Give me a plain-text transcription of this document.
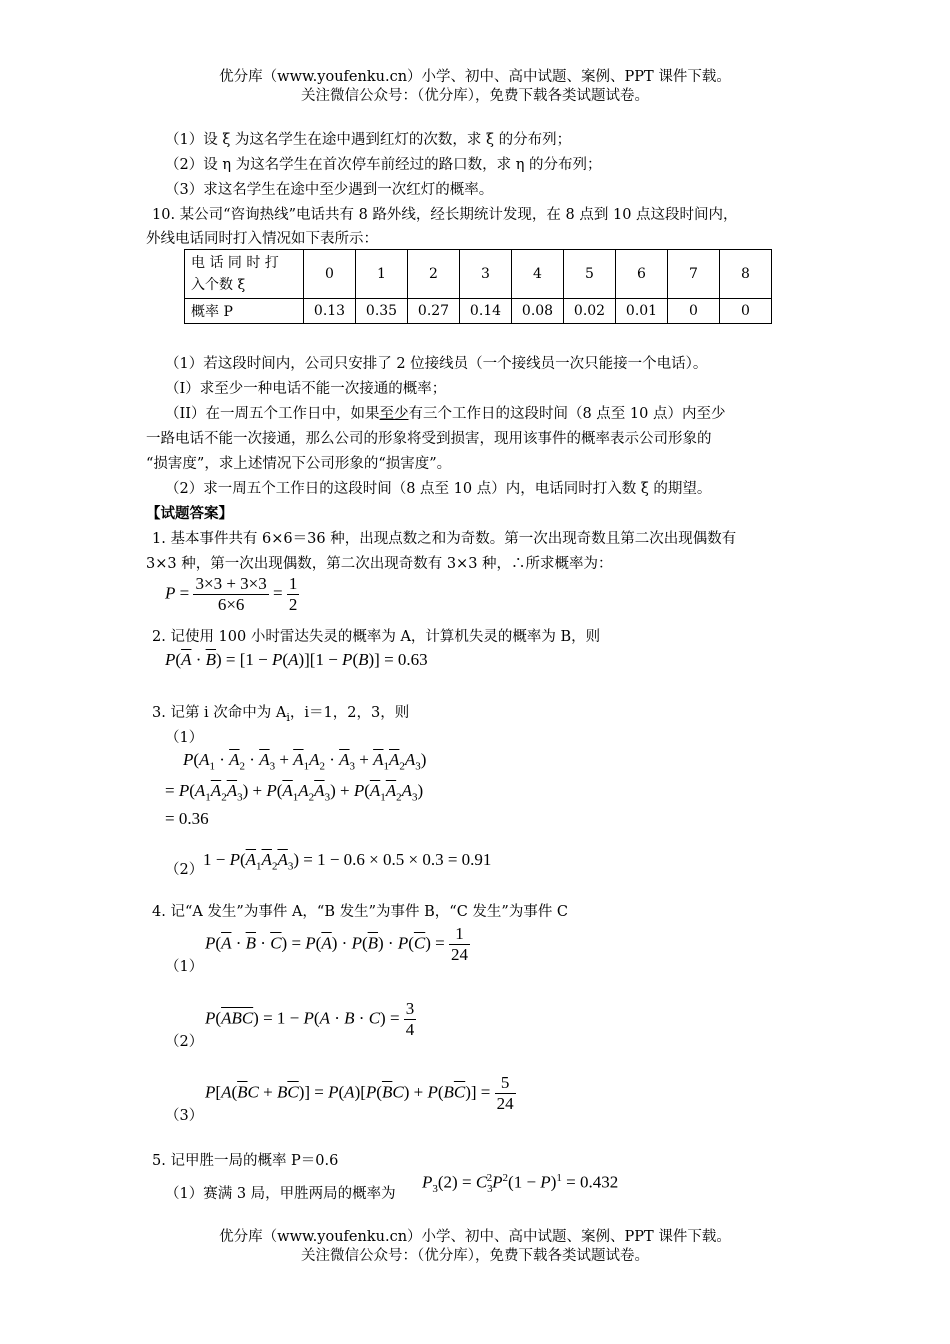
优分库（www.youfenku.cn）小学、初中、高中试题、案例、PPT 课件下载。
关注微信公众号：（优分库），免费下载各类试题试卷。
（1）设 ξ 为这名学生在途中遇到红灯的次数，求 ξ 的分布列；
（2）设 η 为这名学生在首次停车前经过的路口数，求 η 的分布列；
（3）求这名学生在途中至少遇到一次红灯的概率。
10. 某公司“咨询热线”电话共有 8 路外线，经长期统计发现，在 8 点到 10 点这段时间内，
外线电话同时打入情况如下表所示：
电 话 同 时 打
入个数 ξ	0	1	2	3	4	5	6	7	8
概率 P	0.13	0.35	0.27	0.14	0.08	0.02	0.01	0	0
（1）若这段时间内，公司只安排了 2 位接线员（一个接线员一次只能接一个电话）。
（I）求至少一种电话不能一次接通的概率；
（II）在一周五个工作日中，如果至少有三个工作日的这段时间（8 点至 10 点）内至少
一路电话不能一次接通，那么公司的形象将受到损害，现用该事件的概率表示公司形象的
“损害度”，求上述情况下公司形象的“损害度”。
（2）求一周五个工作日的这段时间（8 点至 10 点）内，电话同时打入数 ξ 的期望。
【试题答案】
1. 基本事件共有 6×6＝36 种，出现点数之和为奇数。第一次出现奇数且第二次出现偶数有
3×3 种，第一次出现偶数，第二次出现奇数有 3×3 种，∴所求概率为：
$P = \frac{3\times 3 + 3\times 3}{6\times 6} = \frac{1}{2}$
2. 记使用 100 小时雷达失灵的概率为 A，计算机失灵的概率为 B，则
$P(\overline{A} \cdot \overline{B}) = [1 - P(A)][1 - P(B)] = 0.63$
3. 记第 i 次命中为 $A_i$，i＝1，2，3，则
（1）
$P(A_1 \cdot \overline{A}_2 \cdot \overline{A}_3 + \overline{A}_1A_2 \cdot \overline{A}_3 + \overline{A}_1\overline{A}_2A_3)$
= $P(A_1\overline{A}_2\overline{A}_3) + P(\overline{A}_1A_2\overline{A}_3) + P(\overline{A}_1\overline{A}_2A_3)$
= 0.36
（2）
$1 - P(\overline{A}_1\overline{A}_2\overline{A}_3) = 1 - 0.6 \times 0.5 \times 0.3 = 0.91$
4. 记“A 发生”为事件 A，“B 发生”为事件 B，“C 发生”为事件 C
（1）
$P(\overline{A} \cdot \overline{B} \cdot \overline{C}) = P(\overline{A}) \cdot P(\overline{B}) \cdot P(\overline{C}) = \frac{1}{24}$
（2）
$P(\overline{ABC}) = 1 - P(A \cdot B \cdot C) = \frac{3}{4}$
（3）
$P[A(\overline{B}C + B\overline{C})] = P(A)[P(\overline{B}C) + P(B\overline{C})] = \frac{5}{24}$
5. 记甲胜一局的概率 P＝0.6
（1）赛满 3 局，甲胜两局的概率为
$P_3(2) = C_3^2P^2(1 - P)^1 = 0.432$
优分库（www.youfenku.cn）小学、初中、高中试题、案例、PPT 课件下载。
关注微信公众号：（优分库），免费下载各类试题试卷。
